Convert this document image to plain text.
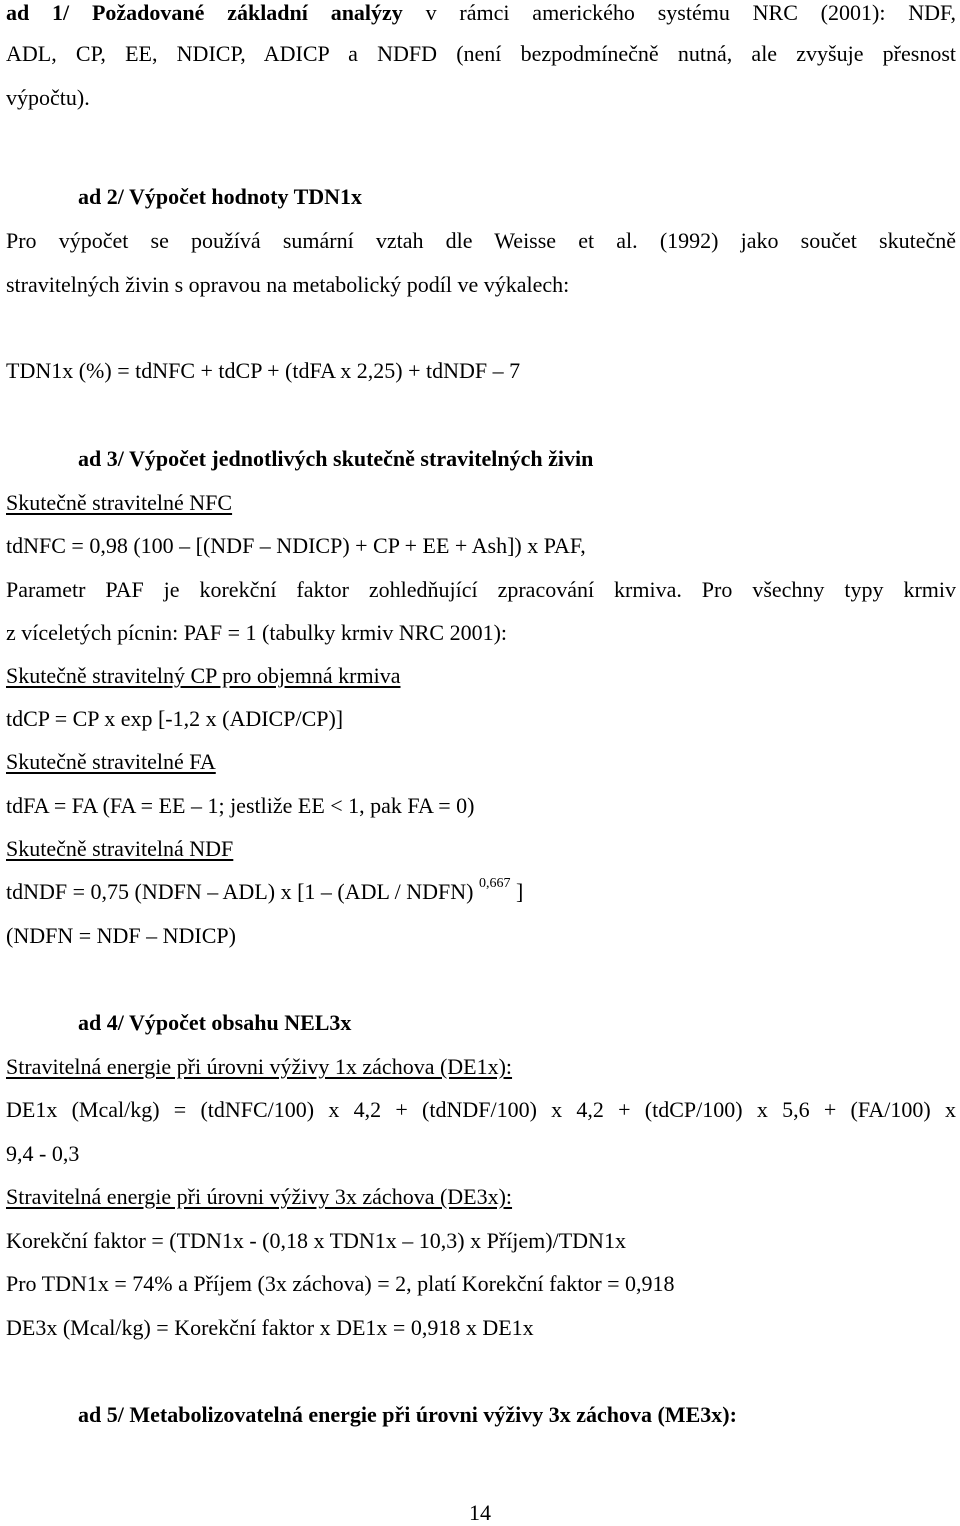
ad 1/ Požadované základní analýzy v rámci amerického systému NRC (2001): NDF,
ADL, CP, EE, NDICP, ADICP a NDFD (není bezpodmínečně nutná, ale zvyšuje přesnost
výpočtu).
ad 2/ Výpočet hodnoty TDN1x
Pro výpočet se používá sumární vztah dle Weisse et al. (1992) jako součet skutečně
stravitelných živin s opravou na metabolický podíl ve výkalech:
TDN1x (%) = tdNFC + tdCP + (tdFA x 2,25) + tdNDF – 7
ad 3/ Výpočet jednotlivých skutečně stravitelných živin
Skutečně stravitelné NFC
tdNFC = 0,98 (100 – [(NDF – NDICP) + CP + EE + Ash]) x PAF,
Parametr PAF je korekční faktor zohledňující zpracování krmiva. Pro všechny typy krmiv
z víceletých pícnin: PAF = 1 (tabulky krmiv NRC 2001):
Skutečně stravitelný CP pro objemná krmiva
tdCP = CP x exp [-1,2 x (ADICP/CP)]
Skutečně stravitelné FA
tdFA = FA (FA = EE – 1; jestliže EE < 1, pak FA = 0)
Skutečně stravitelná NDF
tdNDF = 0,75 (NDFN – ADL) x [1 – (ADL / NDFN) $^{0,667}$ ]
(NDFN = NDF – NDICP)
ad 4/ Výpočet obsahu NEL3x
Stravitelná energie při úrovni výživy 1x záchova (DE1x):
DE1x (Mcal/kg) = (tdNFC/100) x 4,2 + (tdNDF/100) x 4,2 + (tdCP/100) x 5,6 + (FA/100) x
9,4 - 0,3
Stravitelná energie při úrovni výživy 3x záchova (DE3x):
Korekční faktor = (TDN1x - (0,18 x TDN1x – 10,3) x Příjem)/TDN1x
Pro TDN1x = 74% a Příjem (3x záchova) = 2, platí Korekční faktor = 0,918
DE3x (Mcal/kg) = Korekční faktor x DE1x = 0,918 x DE1x
ad 5/ Metabolizovatelná energie při úrovni výživy 3x záchova (ME3x):
14
